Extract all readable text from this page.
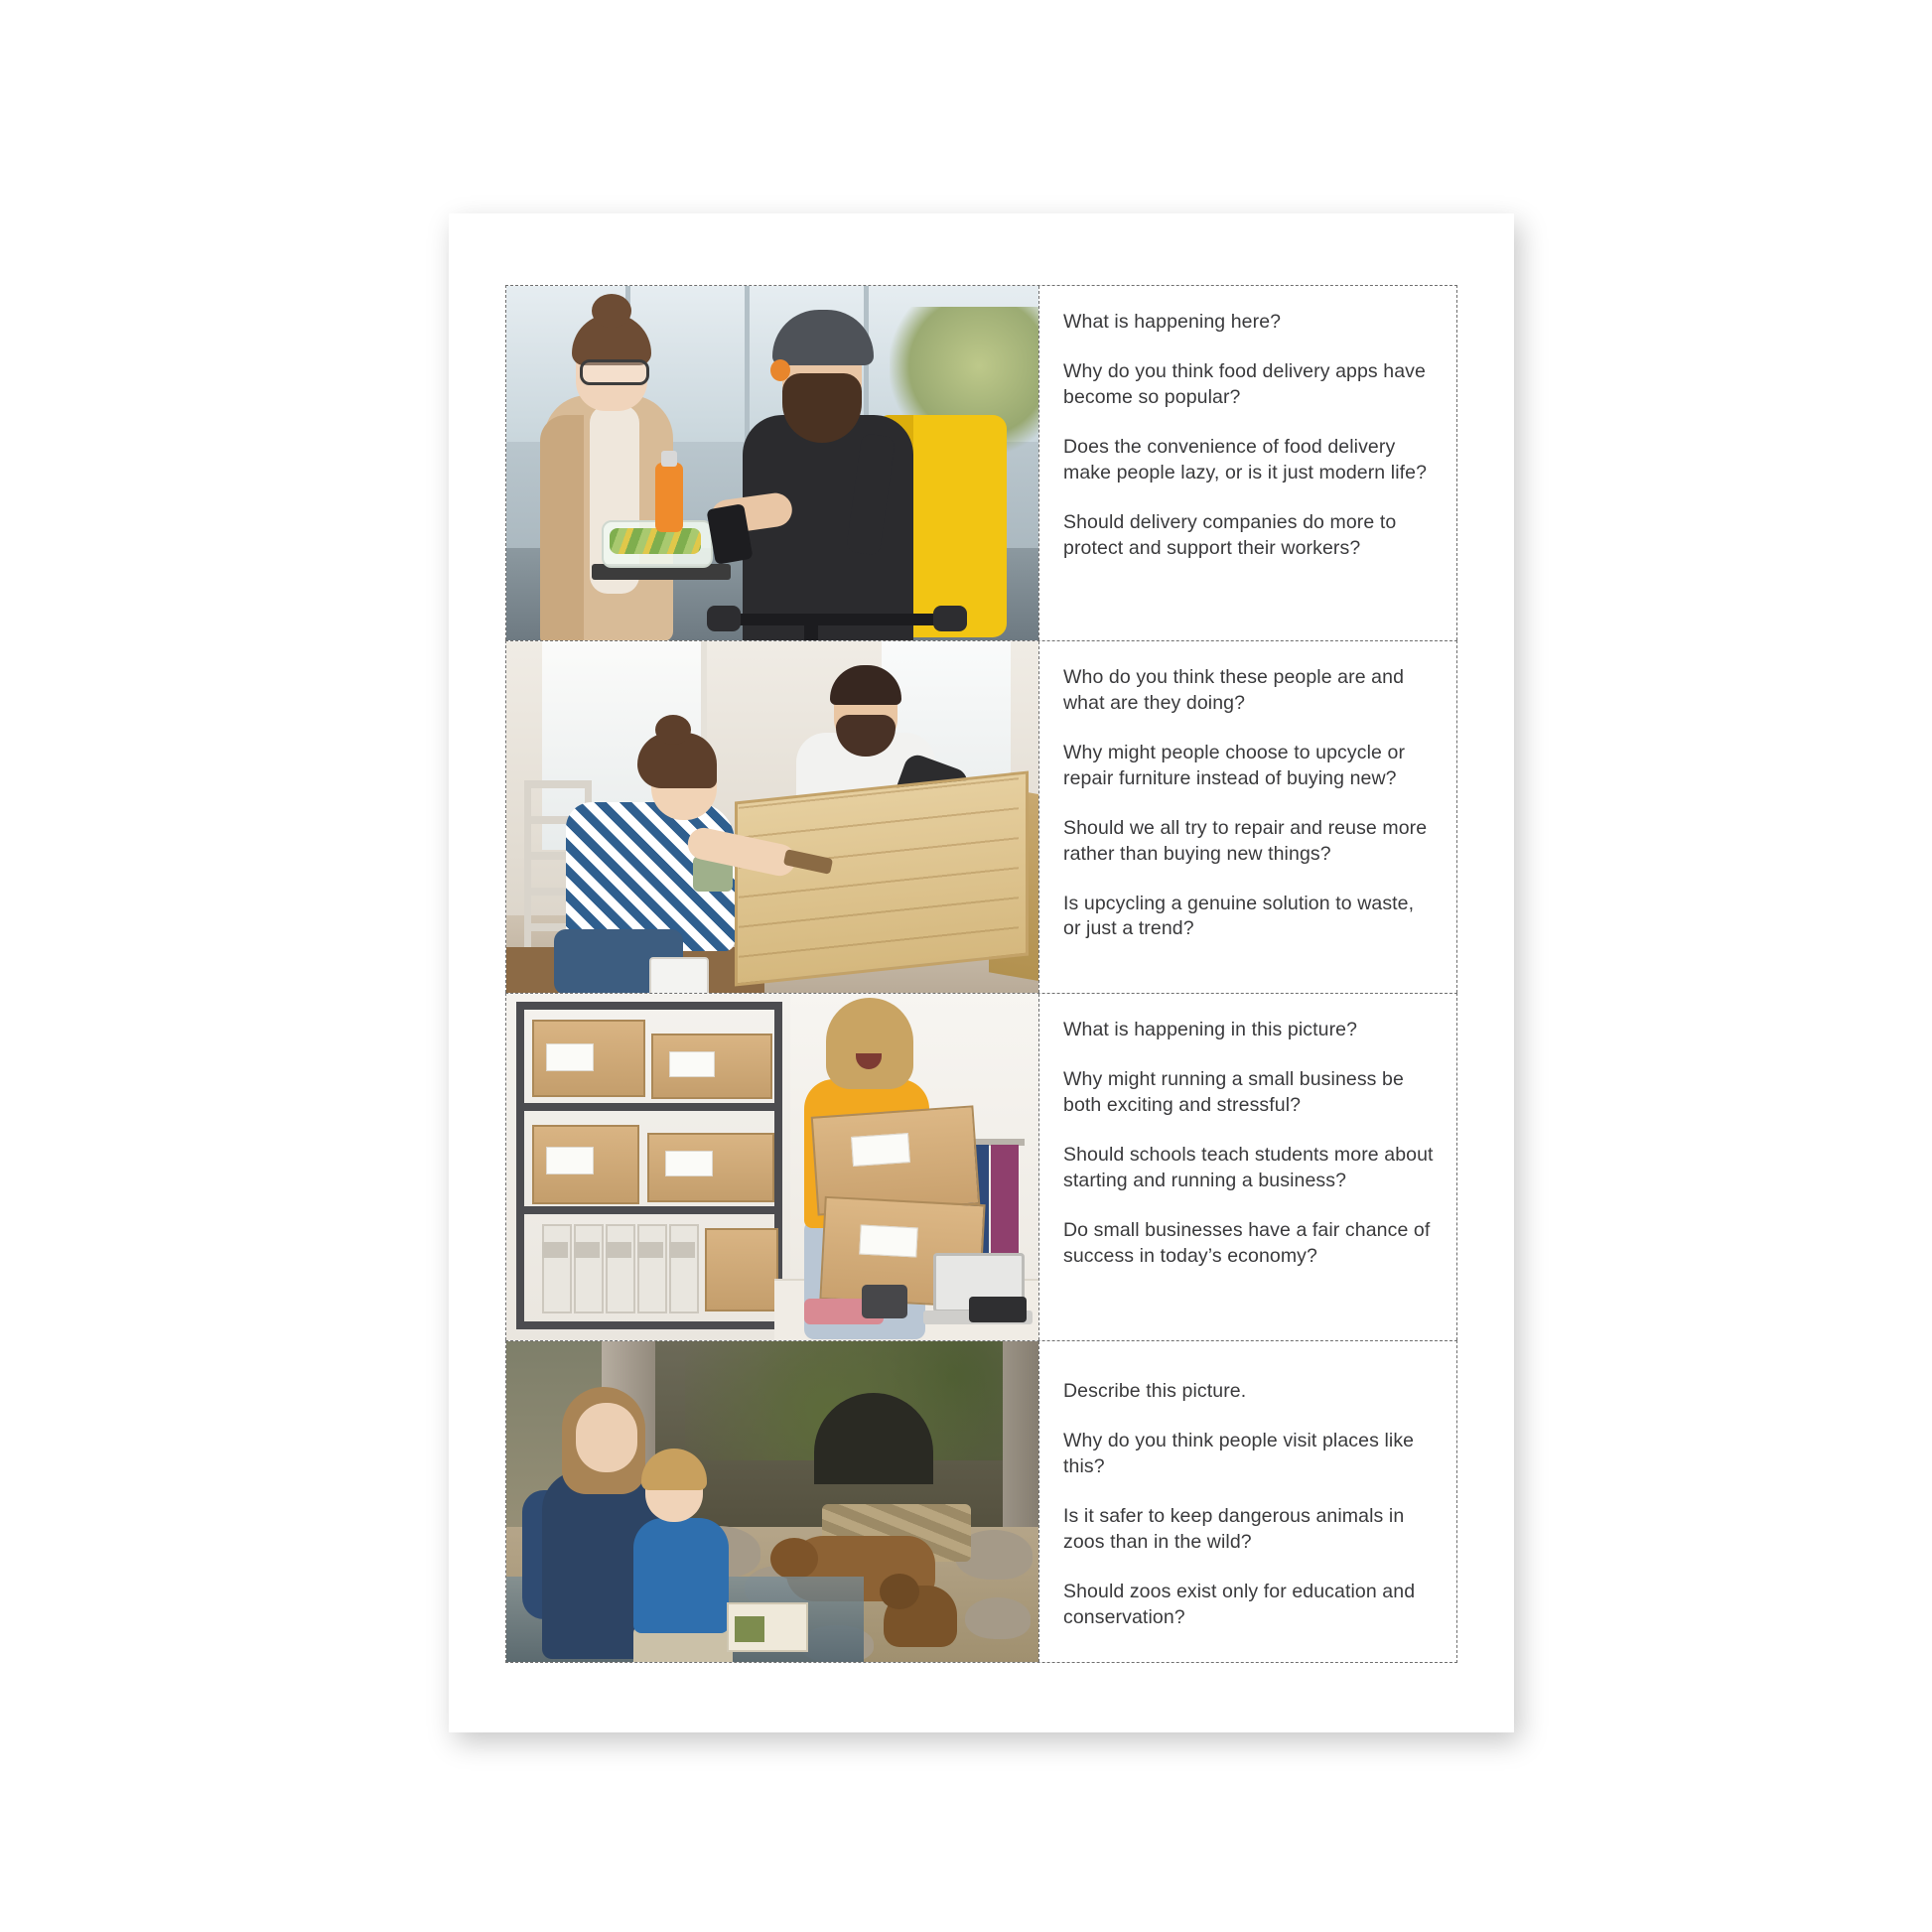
What is happening here?
Why do you think food delivery apps have become so popular?
Does the convenience of food delivery make people lazy, or is it just modern life?
Should delivery companies do more to protect and support their workers?
Who do you think these people are and what are they doing?
Why might people choose to upcycle or repair furniture instead of buying new?
Should we all try to repair and reuse more rather than buying new things?
Is upcycling a genuine solution to waste, or just a trend?
What is happening in this picture?
Why might running a small business be both exciting and stressful?
Should schools teach students more about starting and running a business?
Do small businesses have a fair chance of success in today’s economy?
Describe this picture.
Why do you think people visit places like this?
Is it safer to keep dangerous animals in zoos than in the wild?
Should zoos exist only for education and conservation?
